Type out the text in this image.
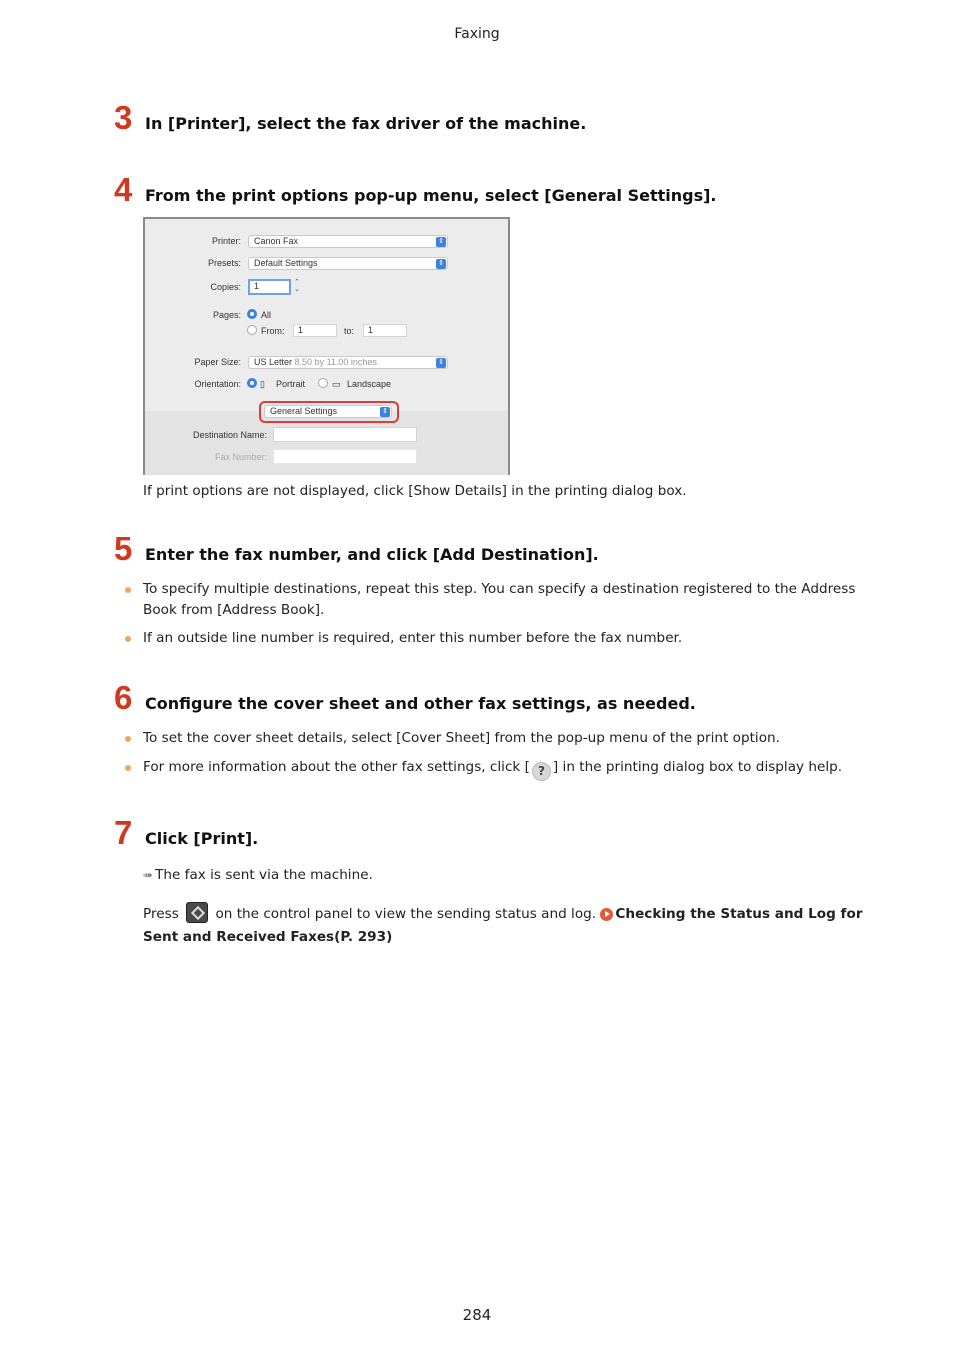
Faxing
3 In [Printer], select the fax driver of the machine.
4 From the print options pop-up menu, select [General Settings].
Printer:	Canon Fax	⇕
Presets:	Default Settings	⇕
Copies:	1	⌃
⌄
Pages: All
From:	1	to:	1
Paper Size:	US Letter 8.50 by 11.00 inches	⇕
Orientation: ▯ Portrait	▭ Landscape
General Settings	⇕
Destination Name:
Fax Number:
If print options are not displayed, click [Show Details] in the printing dialog box.
5 Enter the fax number, and click [Add Destination].
To specify multiple destinations, repeat this step. You can specify a destination registered to the Address Book from [Address Book].
If an outside line number is required, enter this number before the fax number.
6 Configure the cover sheet and other fax settings, as needed.
To set the cover sheet details, select [Cover Sheet] from the pop-up menu of the print option.
For more information about the other fax settings, click [ ? ] in the printing dialog box to display help.
7 Click [Print].
➠ The fax is sent via the machine.
Press	on the control panel to view the sending status and log. Checking the Status and Log for Sent and Received Faxes(P. 293)
284
